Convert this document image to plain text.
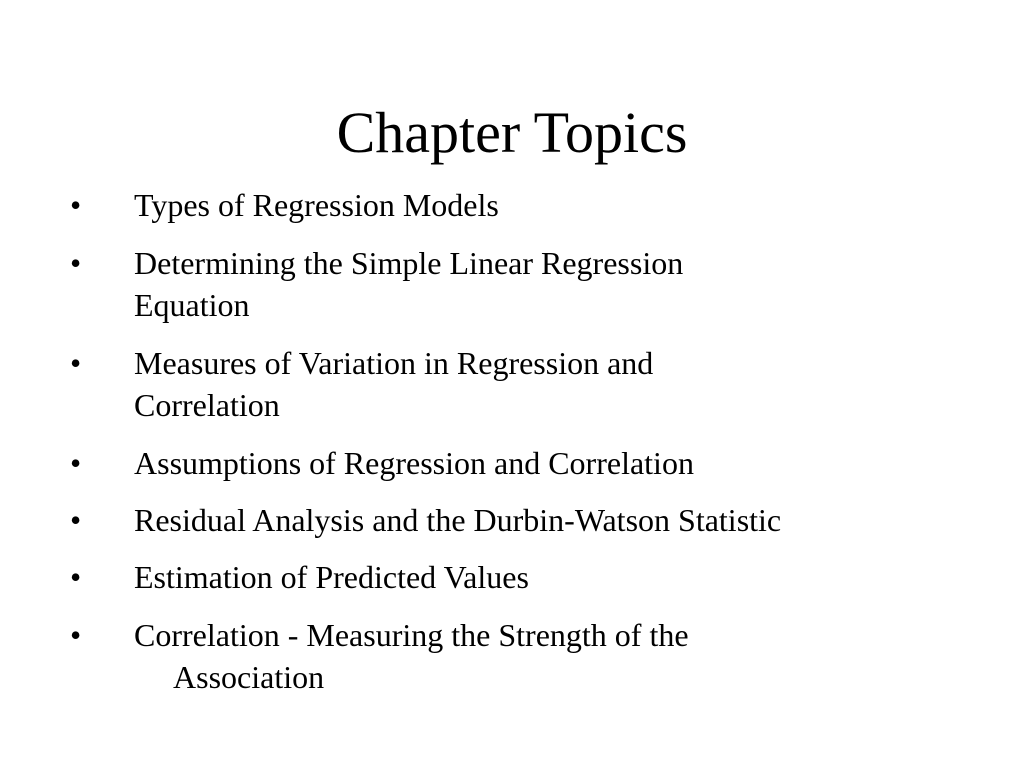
Chapter Topics
• Types of Regression Models
• Determining the Simple Linear Regression
Equation
• Measures of Variation in Regression and
Correlation
• Assumptions of Regression and Correlation
• Residual Analysis and the Durbin-Watson Statistic
• Estimation of Predicted Values
• Correlation - Measuring the Strength of the
Association
